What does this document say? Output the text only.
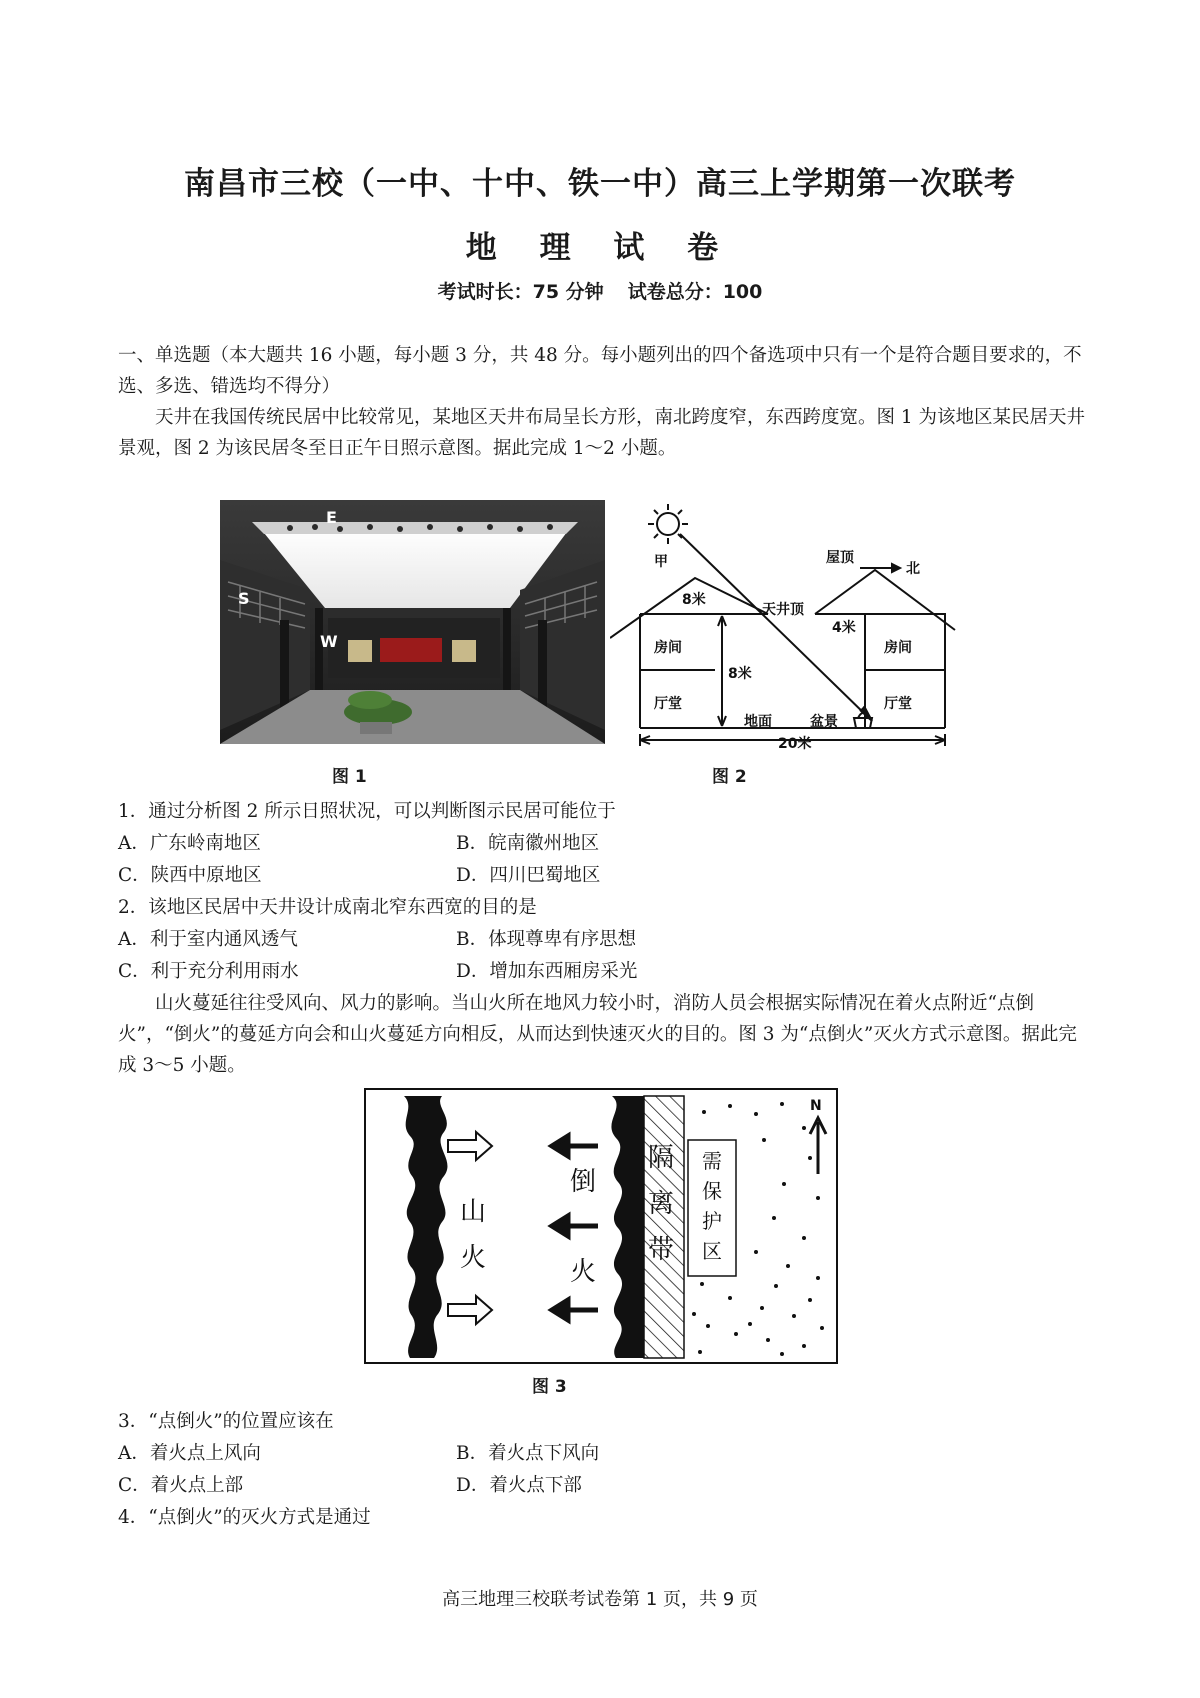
南昌市三校（一中、十中、铁一中）高三上学期第一次联考
地 理 试 卷
考试时长：75 分钟 试卷总分：100

一、单选题（本大题共 16 小题，每小题 3 分，共 48 分。每小题列出的四个备选项中只有一个是符合题目要求的，不选、多选、错选均不得分）

天井在我国传统民居中比较常见，某地区天井布局呈长方形，南北跨度窄，东西跨度宽。图 1 为该地区某民居天井景观，图 2 为该民居冬至日正午日照示意图。据此完成 1～2 小题。

E
S
W
图 1
甲	屋顶
北
8米
天井顶
4米
房间	房间
8米
厅堂	厅堂
地面	盆景
20米
图 2
1．通过分析图 2 所示日照状况，可以判断图示民居可能位于
A．广东岭南地区	B．皖南徽州地区
C．陕西中原地区	D．四川巴蜀地区
2．该地区民居中天井设计成南北窄东西宽的目的是
A．利于室内通风透气	B．体现尊卑有序思想
C．利于充分利用雨水	D．增加东西厢房采光

山火蔓延往往受风向、风力的影响。当山火所在地风力较小时，消防人员会根据实际情况在着火点附近“点倒火”，“倒火”的蔓延方向会和山火蔓延方向相反，从而达到快速灭火的目的。图 3 为“点倒火”灭火方式示意图。据此完成 3～5 小题。

山
火
倒
火
隔
离
带
需
保
护
区
N
图 3
3．“点倒火”的位置应该在
A．着火点上风向	B．着火点下风向
C．着火点上部	D．着火点下部
4．“点倒火”的灭火方式是通过
高三地理三校联考试卷第 1 页，共 9 页
